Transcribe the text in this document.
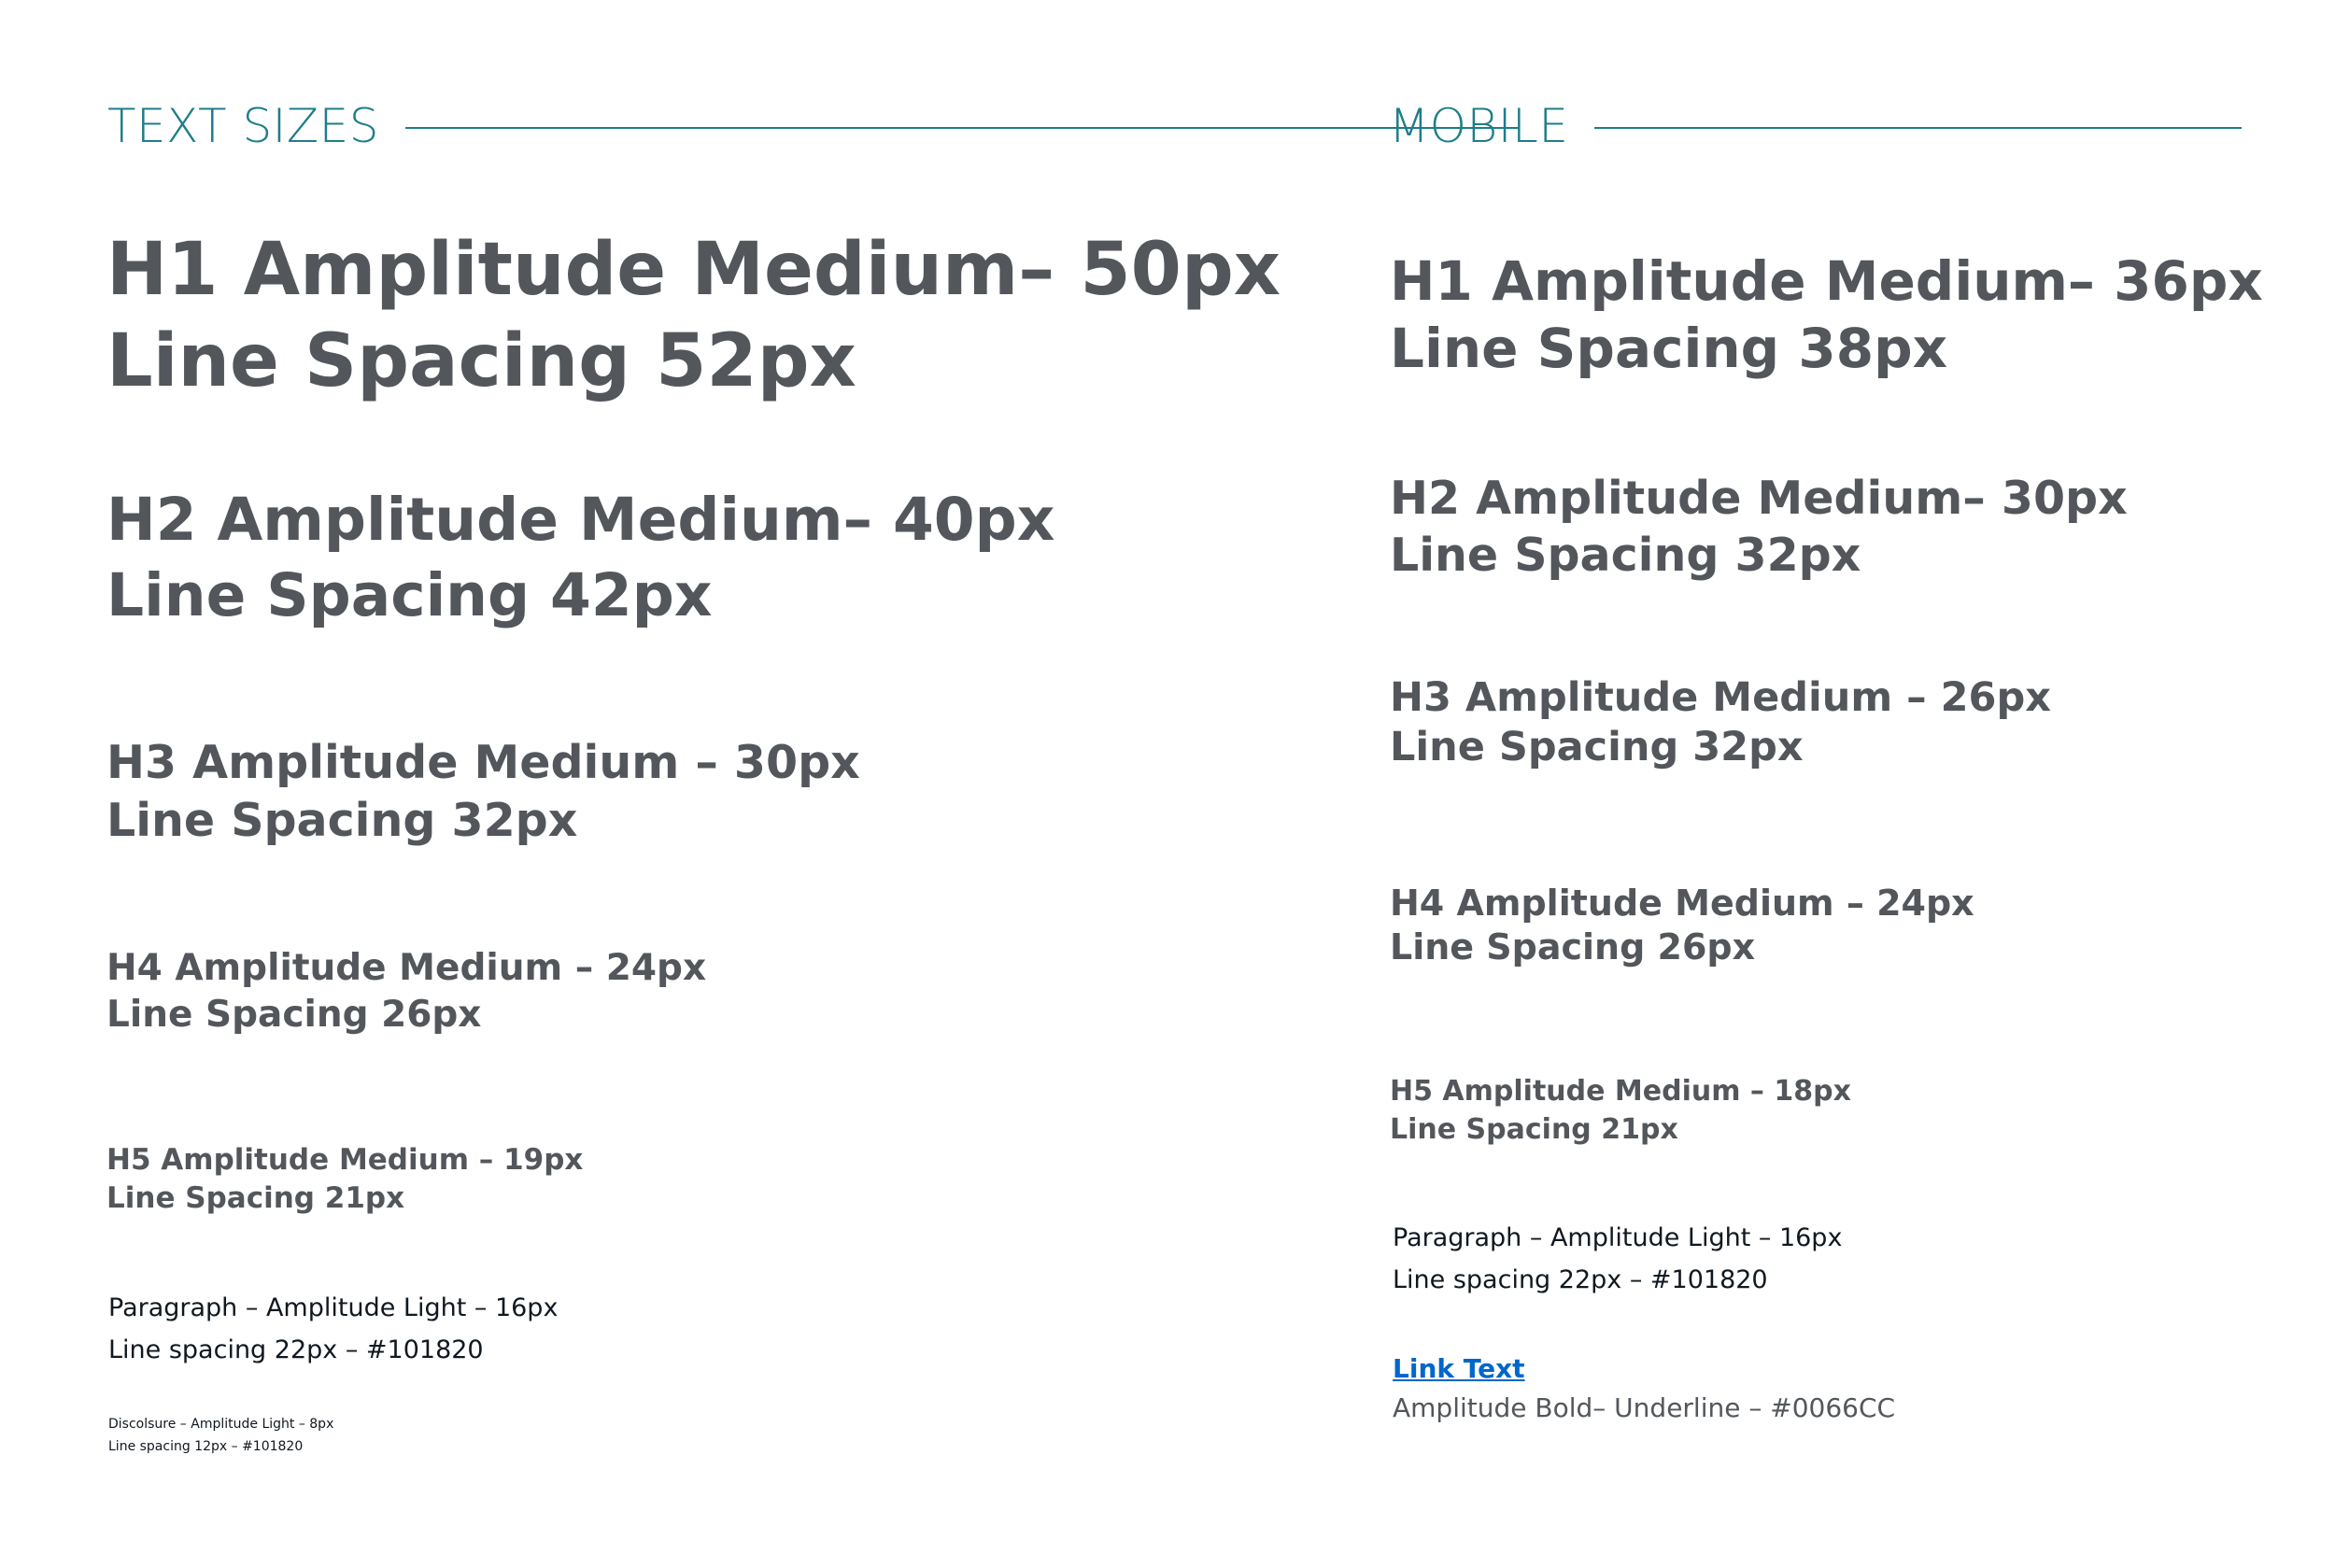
TEXT SIZES
H1 Amplitude Medium– 50px
Line Spacing 52px
H2 Amplitude Medium– 40px
Line Spacing 42px
H3 Amplitude Medium – 30px
Line Spacing 32px
H4 Amplitude Medium – 24px
Line Spacing 26px
H5 Amplitude Medium – 19px
Line Spacing 21px
Paragraph – Amplitude Light – 16px
Line spacing 22px – #101820
Discolsure – Amplitude Light – 8px
Line spacing 12px – #101820
MOBILE
H1 Amplitude Medium– 36px
Line Spacing 38px
H2 Amplitude Medium– 30px
Line Spacing 32px
H3 Amplitude Medium – 26px
Line Spacing 32px
H4 Amplitude Medium – 24px
Line Spacing 26px
H5 Amplitude Medium – 18px
Line Spacing 21px
Paragraph – Amplitude Light – 16px
Line spacing 22px – #101820
Link Text
Amplitude Bold– Underline – #0066CC
